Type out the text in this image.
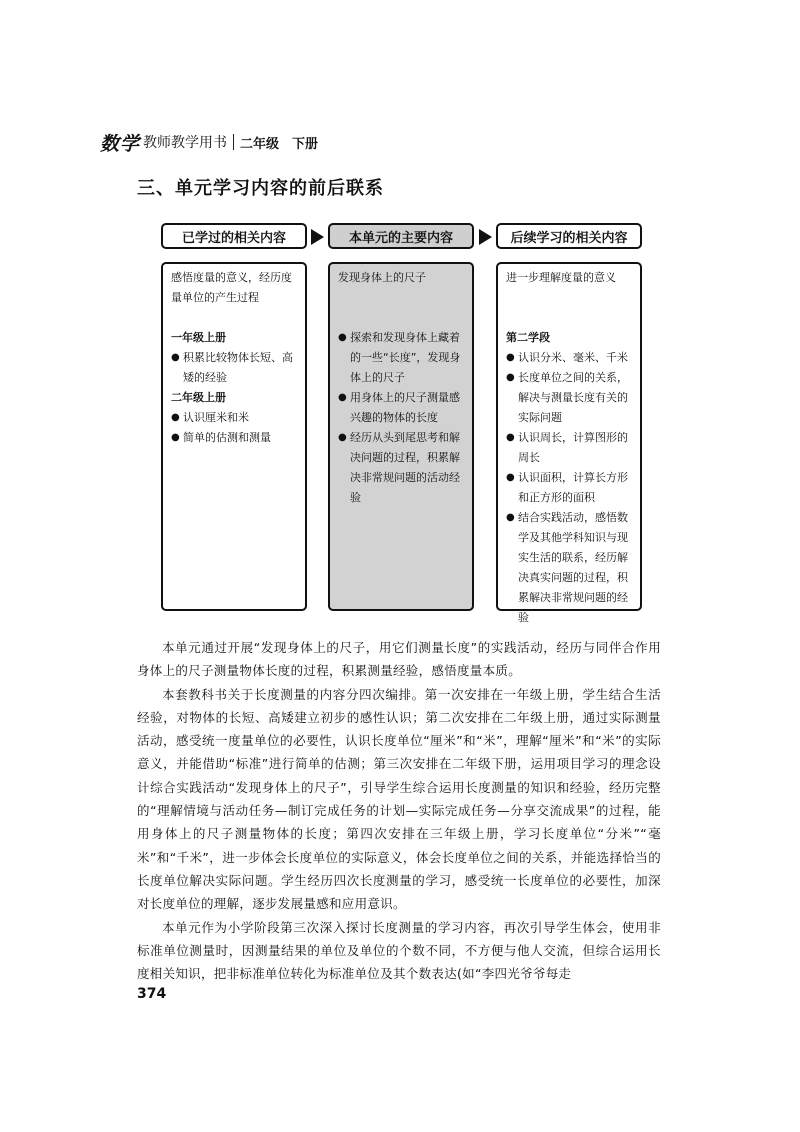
数学 教师教学用书 二年级　下册
三、单元学习内容的前后联系
已学过的相关内容	本单元的主要内容	后续学习的相关内容

感悟度量的意义，经历度量单位的产生过程

一年级上册

● 积累比较物体长短、高矮的经验

二年级上册

● 认识厘米和米
● 简单的估测和测量

发现身体上的尺子

● 探索和发现身体上藏着的一些“长度”，发现身体上的尺子
● 用身体上的尺子测量感兴趣的物体的长度
● 经历从头到尾思考和解决问题的过程，积累解决非常规问题的活动经验

进一步理解度量的意义

第二学段

● 认识分米、毫米、千米
● 长度单位之间的关系，解决与测量长度有关的实际问题
● 认识周长，计算图形的周长
● 认识面积，计算长方形和正方形的面积
● 结合实践活动，感悟数学及其他学科知识与现实生活的联系，经历解决真实问题的过程，积累解决非常规问题的经验

本单元通过开展“发现身体上的尺子，用它们测量长度”的实践活动，经历与同伴合作用身体上的尺子测量物体长度的过程，积累测量经验，感悟度量本质。

本套教科书关于长度测量的内容分四次编排。第一次安排在一年级上册，学生结合生活经验，对物体的长短、高矮建立初步的感性认识；第二次安排在二年级上册，通过实际测量活动，感受统一度量单位的必要性，认识长度单位“厘米”和“米”，理解“厘米”和“米”的实际意义，并能借助“标准”进行简单的估测；第三次安排在二年级下册，运用项目学习的理念设计综合实践活动“发现身体上的尺子”，引导学生综合运用长度测量的知识和经验，经历完整的“理解情境与活动任务—制订完成任务的计划—实际完成任务—分享交流成果”的过程，能用身体上的尺子测量物体的长度；第四次安排在三年级上册，学习长度单位“分米”“毫米”和“千米”，进一步体会长度单位的实际意义，体会长度单位之间的关系，并能选择恰当的长度单位解决实际问题。学生经历四次长度测量的学习，感受统一长度单位的必要性，加深对长度单位的理解，逐步发展量感和应用意识。

本单元作为小学阶段第三次深入探讨长度测量的学习内容，再次引导学生体会，使用非标准单位测量时，因测量结果的单位及单位的个数不同，不方便与他人交流，但综合运用长度相关知识，把非标准单位转化为标准单位及其个数表达(如“李四光爷爷每走

374
